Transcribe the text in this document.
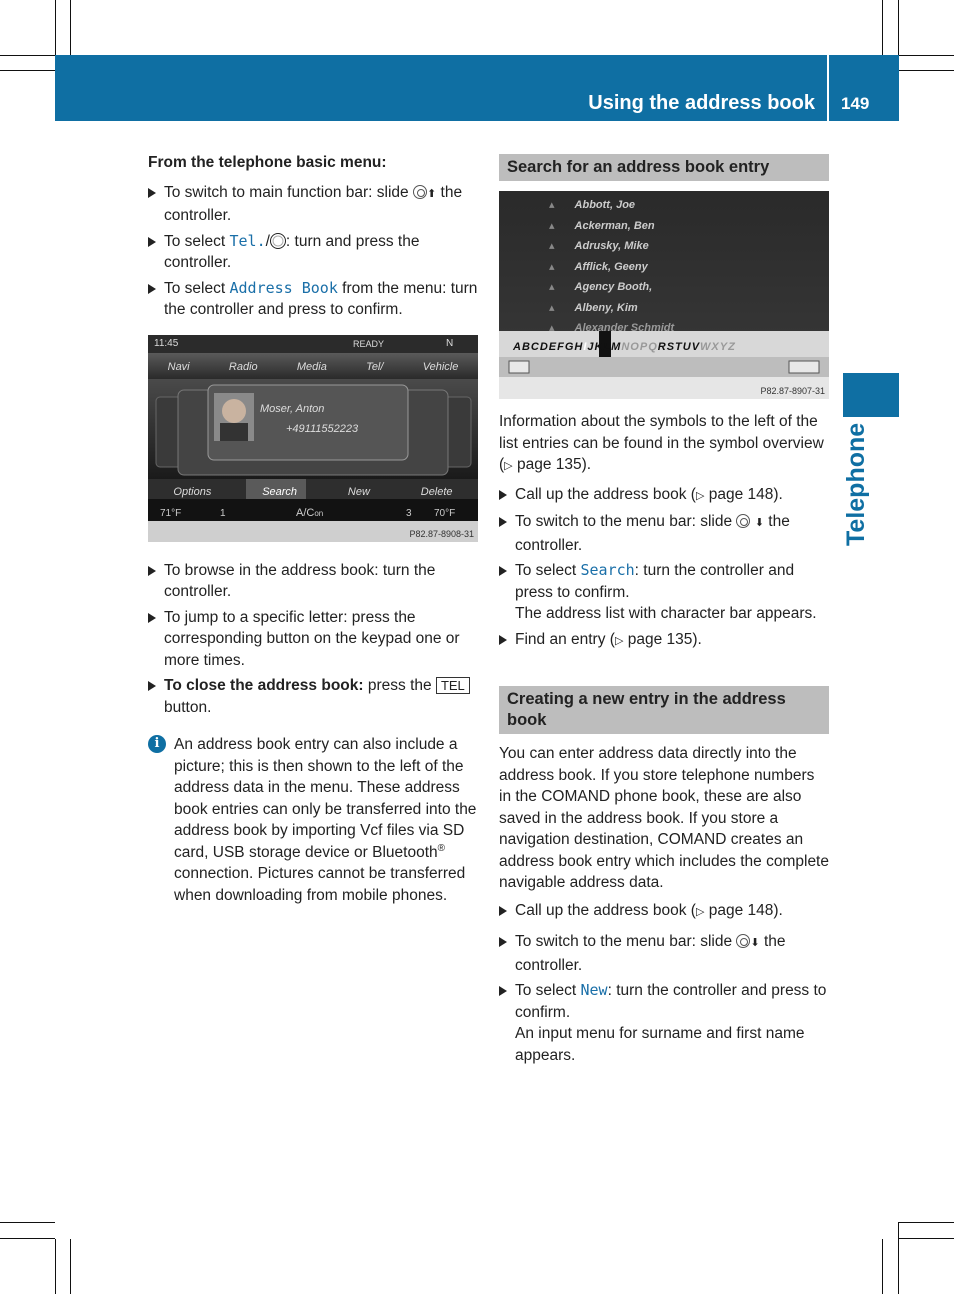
Using the address book 149
Telephone
From the telephone basic menu:
To switch to main function bar: slide ⬆ the controller.
To select Tel./ : turn and press the controller.
To select Address Book from the menu: turn the controller and press to confirm.
11:45	READY	N
Navi	Radio	Media	Tel/	Vehicle
Moser, Anton
+49111552223
Options	Search	New	Delete
71°F	1	A/Con	3 70°F
P82.87-8908-31
To browse in the address book: turn the controller.
To jump to a specific letter: press the corresponding button on the keypad one or more times.
To close the address book: press the TEL button.
i An address book entry can also include a picture; this is then shown to the left of the address data in the menu. These address book entries can only be transferred into the address book by importing Vcf files via SD card, USB storage device or Bluetooth® connection. Pictures cannot be transferred when downloading from mobile phones.
Search for an address book entry
▴ Abbott, Joe
▴ Ackerman, Ben
▴ Adrusky, Mike
▴ Afflick, Geeny
▴ Agency Booth,
▴ Albeny, Kim
▴ Alexander Schmidt
ABCDEFGHIJKLMNOPQRSTUVWXYZ
P82.87-8907-31
Information about the symbols to the left of the list entries can be found in the symbol overview (▷ page 135).
Call up the address book (▷ page 148).
To switch to the menu bar: slide ⬇ the controller.
To select Search: turn the controller and press to confirm.
The address list with character bar appears.
Find an entry (▷ page 135).
Creating a new entry in the address book
You can enter address data directly into the address book. If you store telephone numbers in the COMAND phone book, these are also saved in the address book. If you store a navigation destination, COMAND creates an address book entry which includes the complete navigable address data.
Call up the address book (▷ page 148).
To switch to the menu bar: slide ⬇ the controller.
To select New: turn the controller and press to confirm.
An input menu for surname and first name appears.
